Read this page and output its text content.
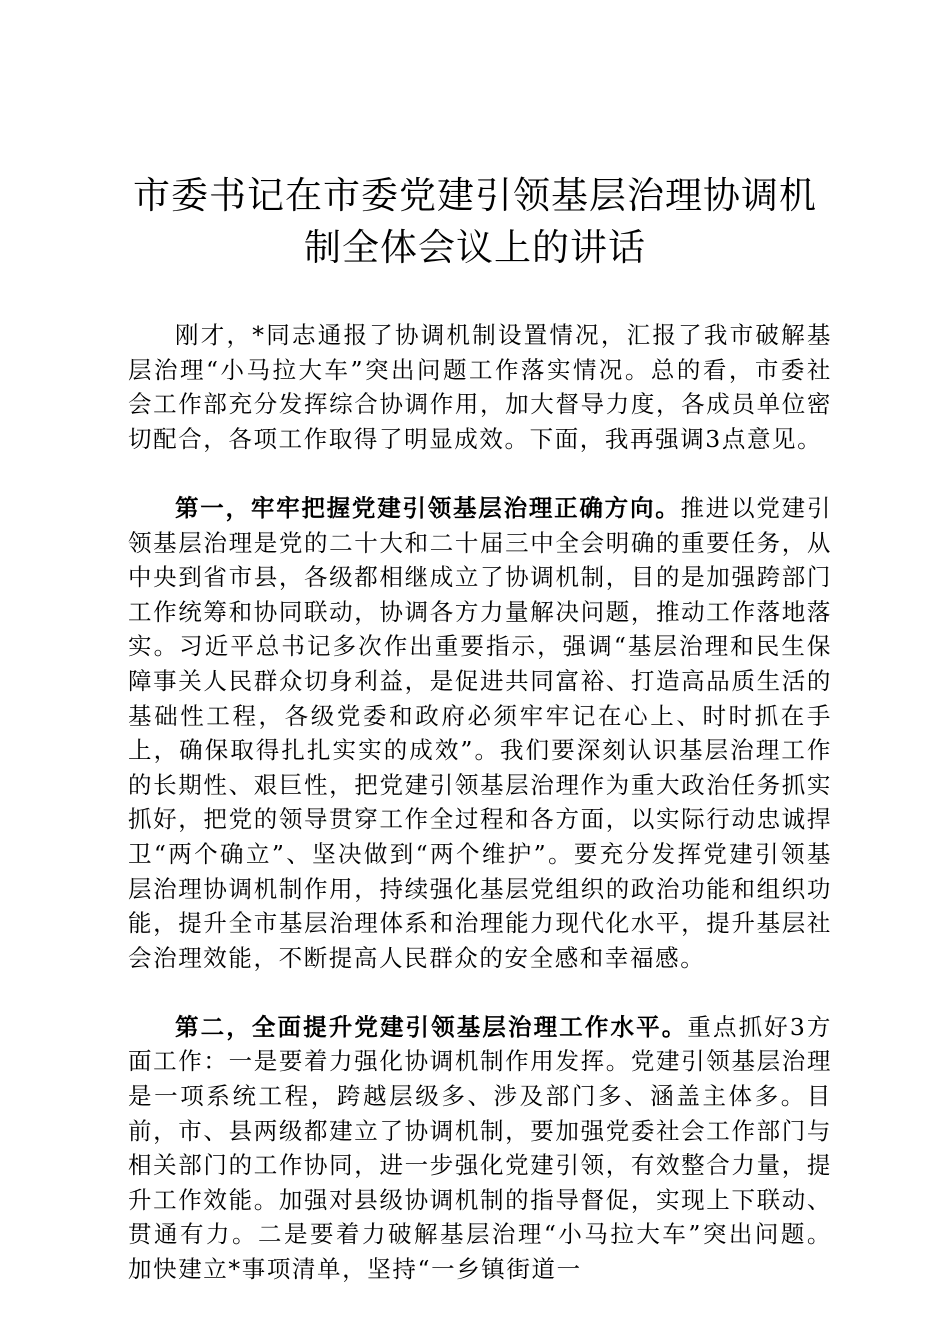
市委书记在市委党建引领基层治理协调机制全体会议上的讲话

刚才，*同志通报了协调机制设置情况，汇报了我市破解基层治理“小马拉大车”突出问题工作落实情况。总的看，市委社会工作部充分发挥综合协调作用，加大督导力度，各成员单位密切配合，各项工作取得了明显成效。下面，我再强调3点意见。

第一，牢牢把握党建引领基层治理正确方向。推进以党建引领基层治理是党的二十大和二十届三中全会明确的重要任务，从中央到省市县，各级都相继成立了协调机制，目的是加强跨部门工作统筹和协同联动，协调各方力量解决问题，推动工作落地落实。习近平总书记多次作出重要指示，强调“基层治理和民生保障事关人民群众切身利益，是促进共同富裕、打造高品质生活的基础性工程，各级党委和政府必须牢牢记在心上、时时抓在手上，确保取得扎扎实实的成效”。我们要深刻认识基层治理工作的长期性、艰巨性，把党建引领基层治理作为重大政治任务抓实抓好，把党的领导贯穿工作全过程和各方面，以实际行动忠诚捍卫“两个确立”、坚决做到“两个维护”。要充分发挥党建引领基层治理协调机制作用，持续强化基层党组织的政治功能和组织功能，提升全市基层治理体系和治理能力现代化水平，提升基层社会治理效能，不断提高人民群众的安全感和幸福感。

第二，全面提升党建引领基层治理工作水平。重点抓好3方面工作：一是要着力强化协调机制作用发挥。党建引领基层治理是一项系统工程，跨越层级多、涉及部门多、涵盖主体多。目前，市、县两级都建立了协调机制，要加强党委社会工作部门与相关部门的工作协同，进一步强化党建引领，有效整合力量，提升工作效能。加强对县级协调机制的指导督促，实现上下联动、贯通有力。二是要着力破解基层治理“小马拉大车”突出问题。加快建立*事项清单，坚持“一乡镇街道一
